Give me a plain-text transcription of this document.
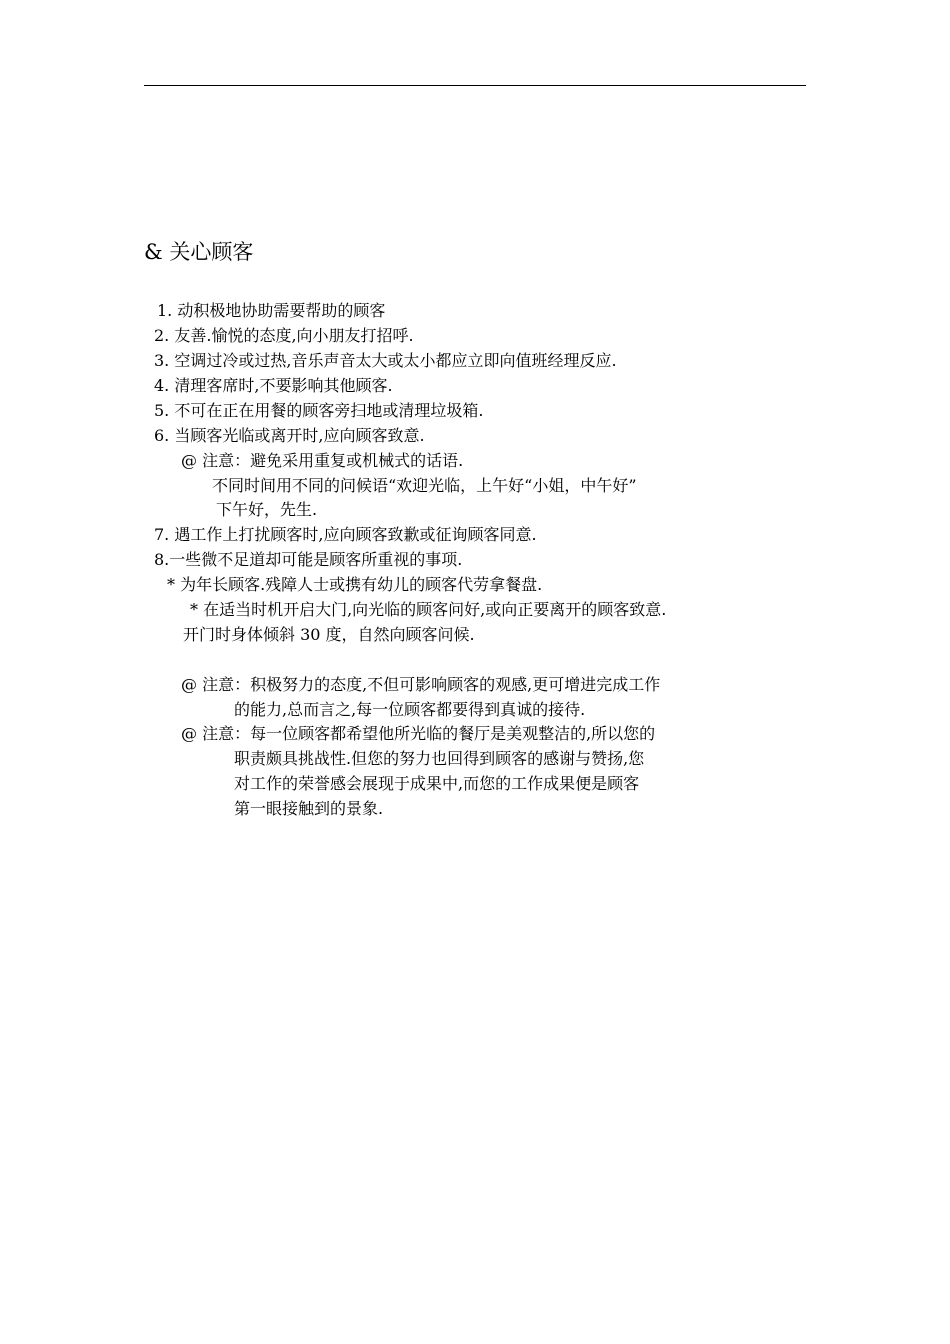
& 关心顾客
1. 动积极地协助需要帮助的顾客
2. 友善.愉悦的态度,向小朋友打招呼.
3. 空调过冷或过热,音乐声音太大或太小都应立即向值班经理反应.
4. 清理客席时,不要影响其他顾客.
5. 不可在正在用餐的顾客旁扫地或清理垃圾箱.
6. 当顾客光临或离开时,应向顾客致意.
@ 注意：避免采用重复或机械式的话语.
不同时间用不同的问候语“欢迎光临，上午好“小姐，中午好”
下午好，先生.
7. 遇工作上打扰顾客时,应向顾客致歉或征询顾客同意.
8.一些微不足道却可能是顾客所重视的事项.
* 为年长顾客.残障人士或携有幼儿的顾客代劳拿餐盘.
* 在适当时机开启大门,向光临的顾客问好,或向正要离开的顾客致意.
开门时身体倾斜 30 度，自然向顾客问候.
@ 注意：积极努力的态度,不但可影响顾客的观感,更可增进完成工作
的能力,总而言之,每一位顾客都要得到真诚的接待.
@ 注意：每一位顾客都希望他所光临的餐厅是美观整洁的,所以您的
职责颇具挑战性.但您的努力也回得到顾客的感谢与赞扬,您
对工作的荣誉感会展现于成果中,而您的工作成果便是顾客
第一眼接触到的景象.
